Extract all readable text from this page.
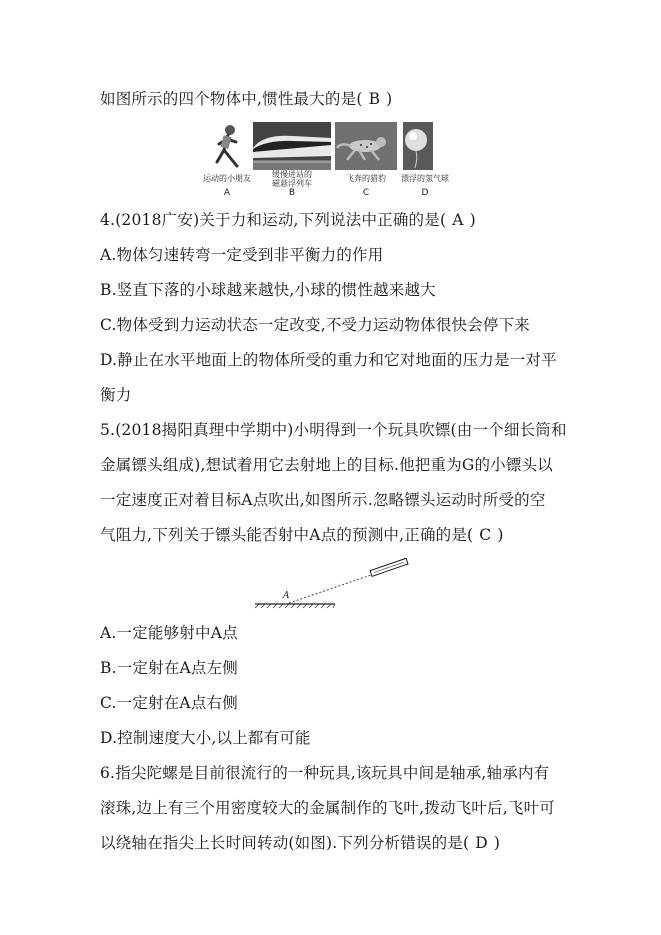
如图所示的四个物体中,惯性最大的是( B )
运动的小朋友	缓慢进站的
磁悬浮列车
飞奔的猎豹	漂浮的氢气球
A	B	C	D
4.(2018广安)关于力和运动,下列说法中正确的是( A )
A.物体匀速转弯一定受到非平衡力的作用
B.竖直下落的小球越来越快,小球的惯性越来越大
C.物体受到力运动状态一定改变,不受力运动物体很快会停下来
D.静止在水平地面上的物体所受的重力和它对地面的压力是一对平
衡力
5.(2018揭阳真理中学期中)小明得到一个玩具吹镖(由一个细长筒和
金属镖头组成),想试着用它去射地上的目标.他把重为G的小镖头以
一定速度正对着目标A点吹出,如图所示.忽略镖头运动时所受的空
气阻力,下列关于镖头能否射中A点的预测中,正确的是( C )
A
A.一定能够射中A点
B.一定射在A点左侧
C.一定射在A点右侧
D.控制速度大小,以上都有可能
6.指尖陀螺是目前很流行的一种玩具,该玩具中间是轴承,轴承内有
滚珠,边上有三个用密度较大的金属制作的飞叶,拨动飞叶后,飞叶可
以绕轴在指尖上长时间转动(如图).下列分析错误的是( D )
